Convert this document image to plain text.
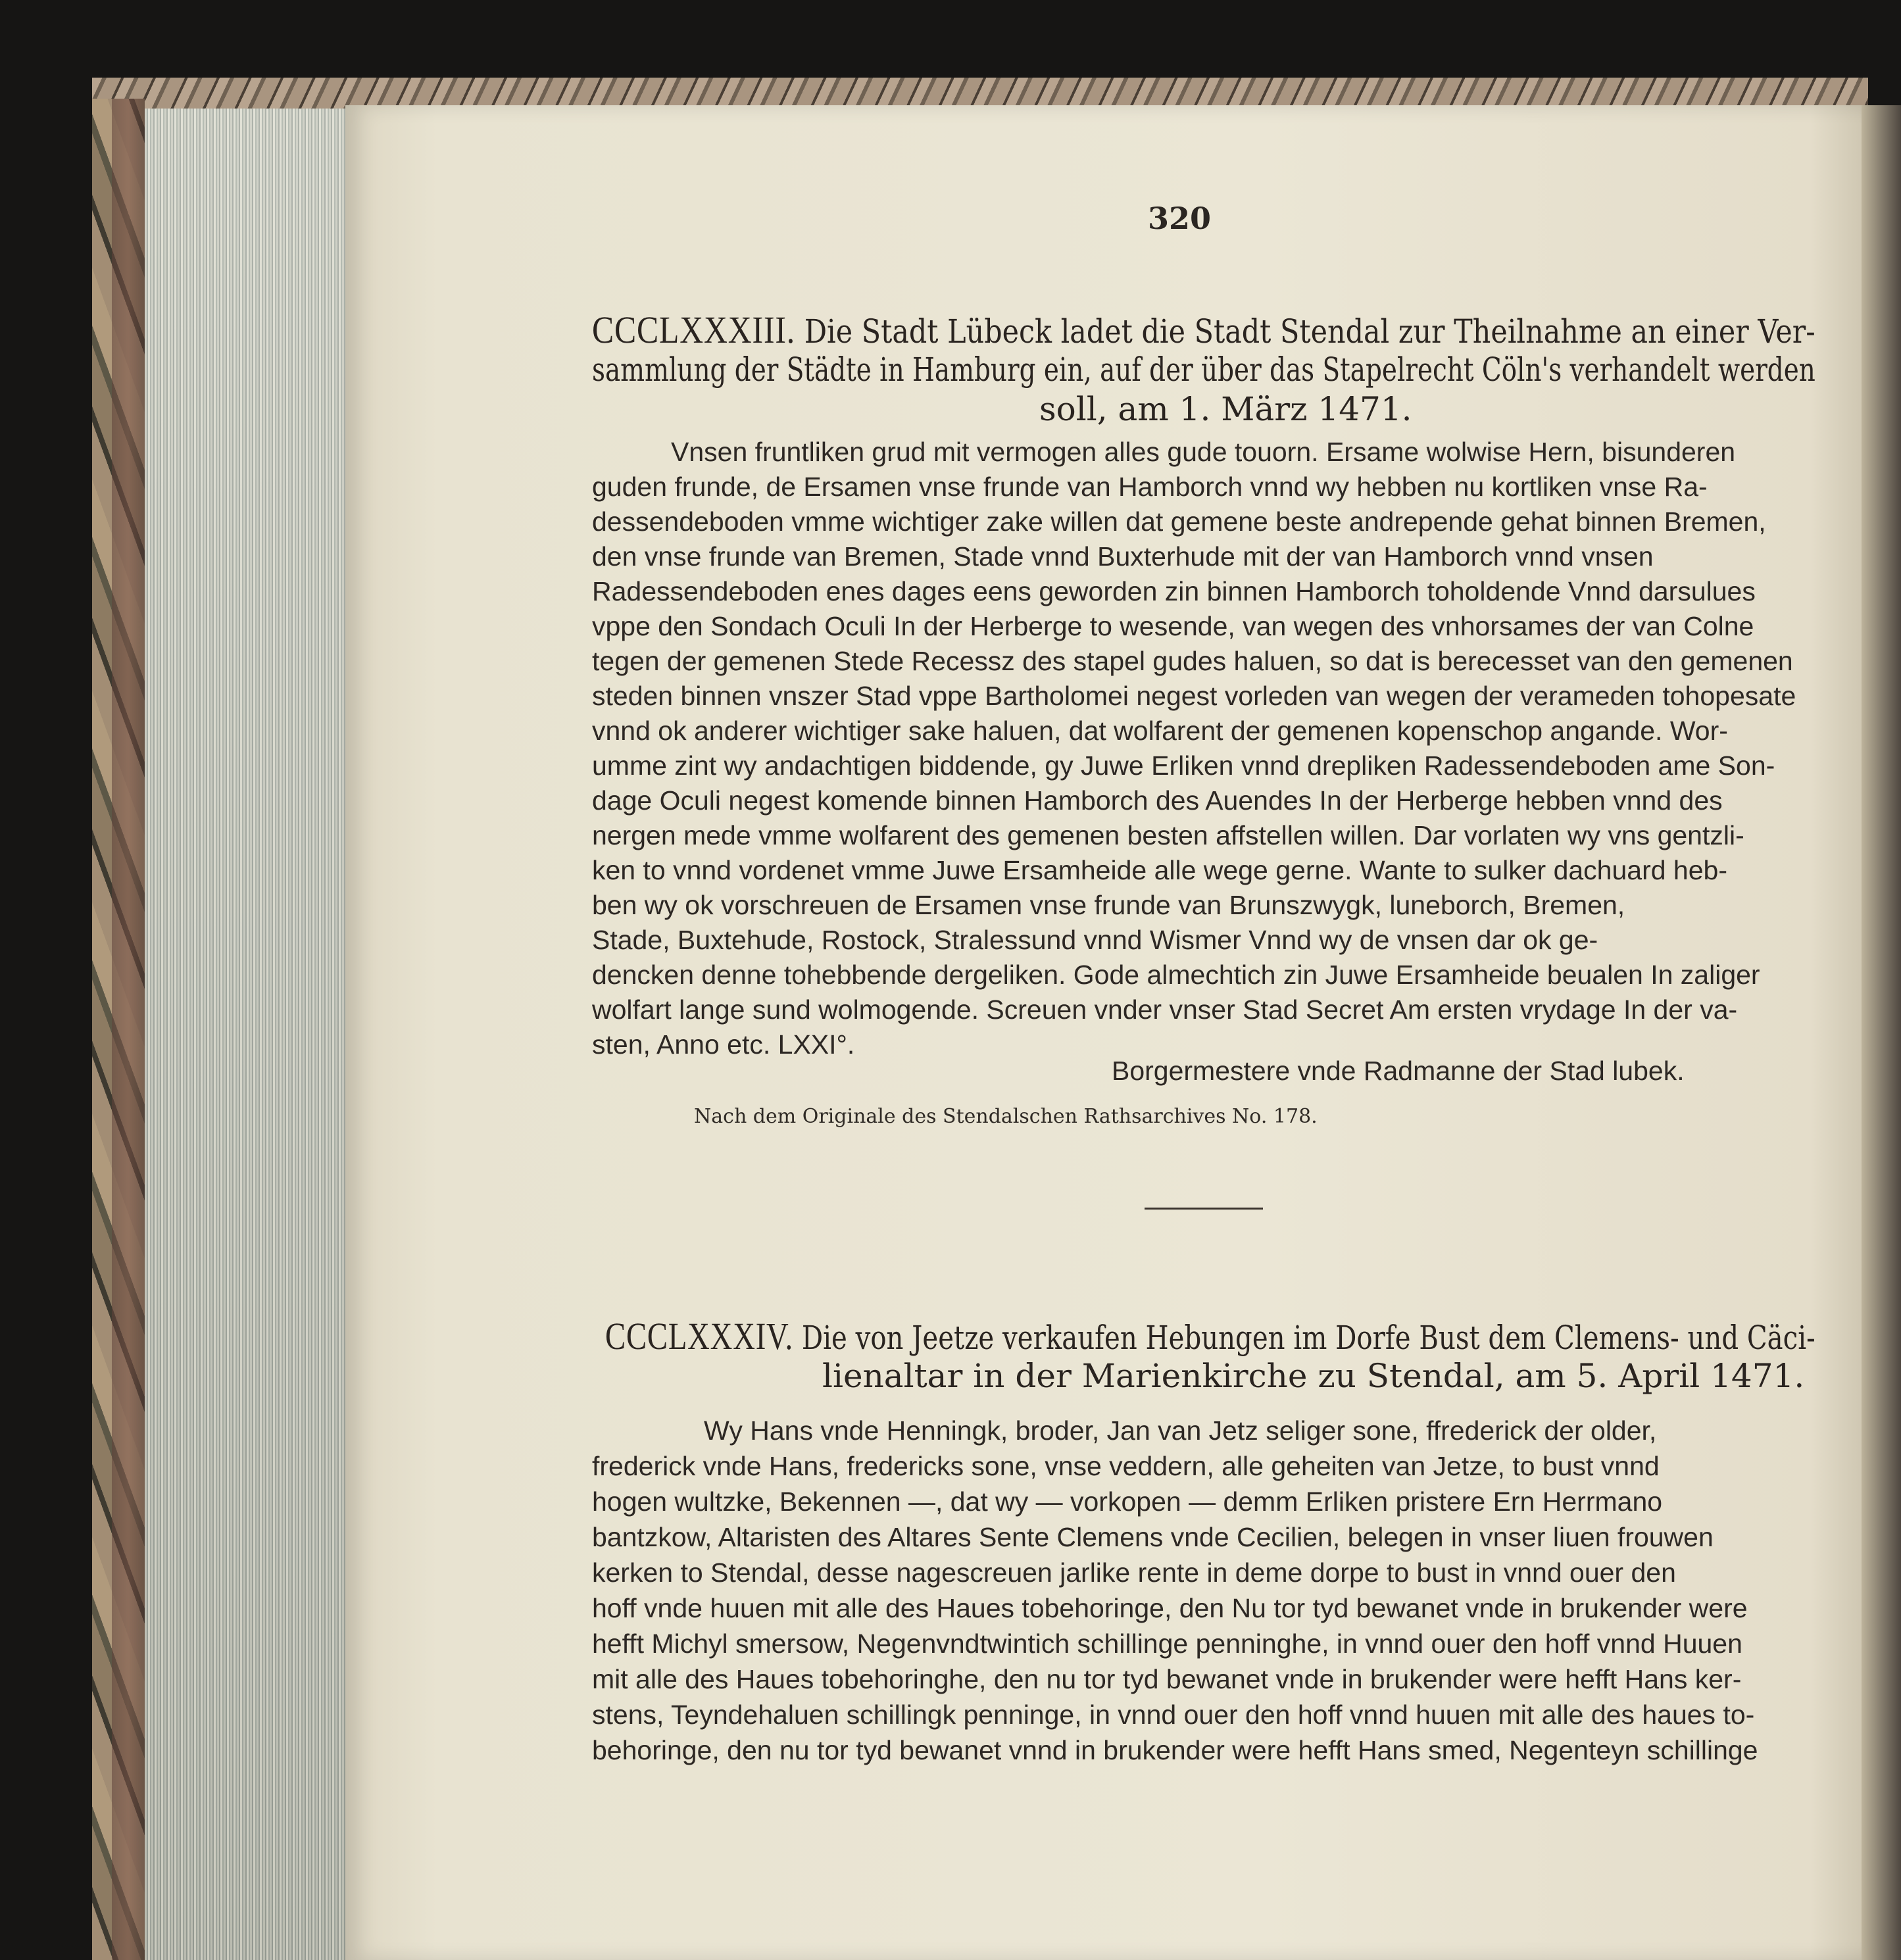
320
CCCLXXXIII. Die Stadt Lübeck ladet die Stadt Stendal zur Theilnahme an einer Ver-
sammlung der Städte in Hamburg ein, auf der über das Stapelrecht Cöln's verhandelt werden
soll, am 1. März 1471.
Vnsen fruntliken grud mit vermogen alles gude touorn. Ersame wolwise Hern, bisunderen
guden frunde, de Ersamen vnse frunde van Hamborch vnnd wy hebben nu kortliken vnse Ra-
dessendeboden vmme wichtiger zake willen dat gemene beste andrepende gehat binnen Bremen,
den vnse frunde van Bremen, Stade vnnd Buxterhude mit der van Hamborch vnnd vnsen
Radessendeboden enes dages eens geworden zin binnen Hamborch toholdende Vnnd darsulues
vppe den Sondach Oculi In der Herberge to wesende, van wegen des vnhorsames der van Colne
tegen der gemenen Stede Recessz des stapel gudes haluen, so dat is berecesset van den gemenen
steden binnen vnszer Stad vppe Bartholomei negest vorleden van wegen der verameden tohopesate
vnnd ok anderer wichtiger sake haluen, dat wolfarent der gemenen kopenschop angande. Wor-
umme zint wy andachtigen biddende, gy Juwe Erliken vnnd drepliken Radessendeboden ame Son-
dage Oculi negest komende binnen Hamborch des Auendes In der Herberge hebben vnnd des
nergen mede vmme wolfarent des gemenen besten affstellen willen. Dar vorlaten wy vns gentzli-
ken to vnnd vordenet vmme Juwe Ersamheide alle wege gerne. Wante to sulker dachuard heb-
ben wy ok vorschreuen de Ersamen vnse frunde van Brunszwygk, luneborch, Bremen,
Stade, Buxtehude, Rostock, Stralessund vnnd Wismer Vnnd wy de vnsen dar ok ge-
dencken denne tohebbende dergeliken. Gode almechtich zin Juwe Ersamheide beualen In zaliger
wolfart lange sund wolmogende. Screuen vnder vnser Stad Secret Am ersten vrydage In der va-
sten, Anno etc. LXXI°.
Borgermestere vnde Radmanne der Stad lubek.
Nach dem Originale des Stendalschen Rathsarchives No. 178.
CCCLXXXIV. Die von Jeetze verkaufen Hebungen im Dorfe Bust dem Clemens- und Cäci-
lienaltar in der Marienkirche zu Stendal, am 5. April 1471.
Wy Hans vnde Henningk, broder, Jan van Jetz seliger sone, ffrederick der older,
frederick vnde Hans, fredericks sone, vnse veddern, alle geheiten van Jetze, to bust vnnd
hogen wultzke, Bekennen —, dat wy — vorkopen — demm Erliken pristere Ern Herrmano
bantzkow, Altaristen des Altares Sente Clemens vnde Cecilien, belegen in vnser liuen frouwen
kerken to Stendal, desse nagescreuen jarlike rente in deme dorpe to bust in vnnd ouer den
hoff vnde huuen mit alle des Haues tobehoringe, den Nu tor tyd bewanet vnde in brukender were
hefft Michyl smersow, Negenvndtwintich schillinge penninghe, in vnnd ouer den hoff vnnd Huuen
mit alle des Haues tobehoringhe, den nu tor tyd bewanet vnde in brukender were hefft Hans ker-
stens, Teyndehaluen schillingk penninge, in vnnd ouer den hoff vnnd huuen mit alle des haues to-
behoringe, den nu tor tyd bewanet vnnd in brukender were hefft Hans smed, Negenteyn schillinge
